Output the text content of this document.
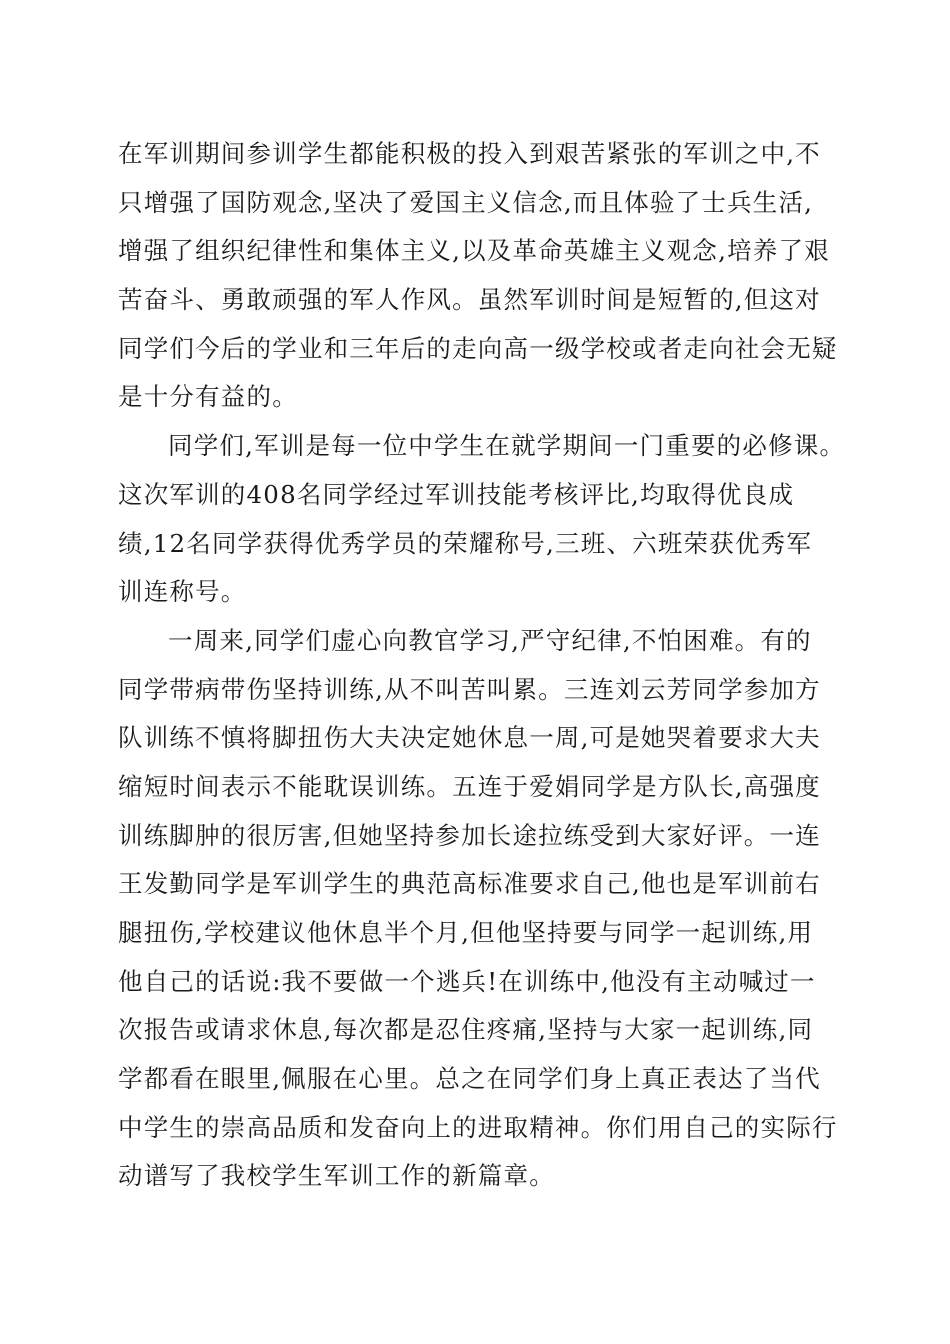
在军训期间参训学生都能积极的投入到艰苦紧张的军训之中,不
只增强了国防观念,坚决了爱国主义信念,而且体验了士兵生活,
增强了组织纪律性和集体主义,以及革命英雄主义观念,培养了艰
苦奋斗、勇敢顽强的军人作风。虽然军训时间是短暂的,但这对
同学们今后的学业和三年后的走向高一级学校或者走向社会无疑
是十分有益的。
同学们,军训是每一位中学生在就学期间一门重要的必修课。
这次军训的408名同学经过军训技能考核评比,均取得优良成
绩,12名同学获得优秀学员的荣耀称号,三班、六班荣获优秀军
训连称号。
一周来,同学们虚心向教官学习,严守纪律,不怕困难。有的
同学带病带伤坚持训练,从不叫苦叫累。三连刘云芳同学参加方
队训练不慎将脚扭伤大夫决定她休息一周,可是她哭着要求大夫
缩短时间表示不能耽误训练。五连于爱娟同学是方队长,高强度
训练脚肿的很厉害,但她坚持参加长途拉练受到大家好评。一连
王发勤同学是军训学生的典范高标准要求自己,他也是军训前右
腿扭伤,学校建议他休息半个月,但他坚持要与同学一起训练,用
他自己的话说:我不要做一个逃兵!在训练中,他没有主动喊过一
次报告或请求休息,每次都是忍住疼痛,坚持与大家一起训练,同
学都看在眼里,佩服在心里。总之在同学们身上真正表达了当代
中学生的崇高品质和发奋向上的进取精神。你们用自己的实际行
动谱写了我校学生军训工作的新篇章。
